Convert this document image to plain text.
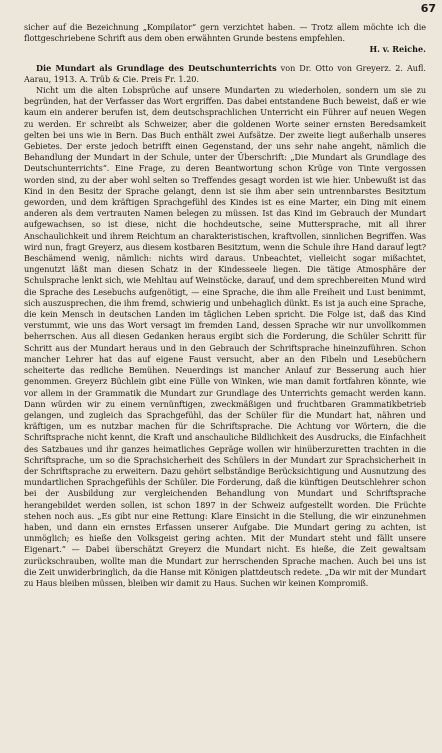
67

sicher auf die Bezeichnung „Kompilator“ gern verzichtet haben. — Trotz allem möchte ich die flottgeschriebene Schrift aus dem oben erwähnten Grunde bestens empfehlen.

H. v. Reiche.

Die Mundart als Grundlage des Deutschunterrichts von Dr. Otto von Greyerz. 2. Aufl. Aarau, 1913. A. Trüb & Cie. Preis Fr. 1.20.

Nicht um die alten Lobsprüche auf unsere Mundarten zu wiederholen, sondern um sie zu begründen, hat der Verfasser das Wort ergriffen. Das dabei entstandene Buch beweist, daß er wie kaum ein anderer berufen ist, dem deutschsprachlichen Unterricht ein Führer auf neuen Wegen zu werden. Er schreibt als Schweizer, aber die goldenen Worte seiner ernsten Beredsamkeit gelten bei uns wie in Bern. Das Buch enthält zwei Aufsätze. Der zweite liegt außerhalb unseres Gebietes. Der erste jedoch betrifft einen Gegenstand, der uns sehr nahe angeht, nämlich die Behandlung der Mundart in der Schule, unter der Überschrift: „Die Mundart als Grundlage des Deutschunterrichts“. Eine Frage, zu deren Beantwortung schon Krüge von Tinte vergossen worden sind, zu der aber wohl selten so Treffendes gesagt worden ist wie hier. Unbewußt ist das Kind in den Besitz der Sprache gelangt, denn ist sie ihm aber sein untrennbarstes Besitztum geworden, und dem kräftigen Sprachgefühl des Kindes ist es eine Marter, ein Ding mit einem anderen als dem vertrauten Namen belegen zu müssen. Ist das Kind im Gebrauch der Mundart aufgewachsen, so ist diese, nicht die hochdeutsche, seine Muttersprache, mit all ihrer Anschaulichkeit und ihrem Reichtum an charakteristischen, kraftvollen, sinnlichen Begriffen. Was wird nun, fragt Greyerz, aus diesem kostbaren Besitztum, wenn die Schule ihre Hand darauf legt? Beschämend wenig, nämlich: nichts wird daraus. Unbeachtet, vielleicht sogar mißachtet, ungenutzt läßt man diesen Schatz in der Kindesseele liegen. Die tätige Atmosphäre der Schulsprache lenkt sich, wie Mehltau auf Weinstöcke, darauf, und dem sprechbereiten Mund wird die Sprache des Lesebuchs aufgenötigt, — eine Sprache, die ihm alle Freiheit und Lust benimmt, sich auszusprechen, die ihm fremd, schwierig und unbehaglich dünkt. Es ist ja auch eine Sprache, die kein Mensch in deutschen Landen im täglichen Leben spricht. Die Folge ist, daß das Kind verstummt, wie uns das Wort versagt im fremden Land, dessen Sprache wir nur unvollkommen beherrschen. Aus all diesen Gedanken heraus ergibt sich die Forderung, die Schüler Schritt für Schritt aus der Mundart heraus und in den Gebrauch der Schriftsprache hineinzuführen. Schon mancher Lehrer hat das auf eigene Faust versucht, aber an den Fibeln und Lesebüchern scheiterte das redliche Bemühen. Neuerdings ist mancher Anlauf zur Besserung auch hier genommen. Greyerz Büchlein gibt eine Fülle von Winken, wie man damit fortfahren könnte, wie vor allem in der Grammatik die Mundart zur Grundlage des Unterrichts gemacht werden kann. Dann würden wir zu einem vernünftigen, zweckmäßigen und fruchtbaren Grammatikbetrieb gelangen, und zugleich das Sprachgefühl, das der Schüler für die Mundart hat, nähren und kräftigen, um es nutzbar machen für die Schriftsprache. Die Achtung vor Wörtern, die die Schriftsprache nicht kennt, die Kraft und anschauliche Bildlichkeit des Ausdrucks, die Einfachheit des Satzbaues und ihr ganzes heimatliches Gepräge wollen wir hinüberzuretten trachten in die Schriftsprache, um so die Sprachsicherheit des Schülers in der Mundart zur Sprachsicherheit in der Schriftsprache zu erweitern. Dazu gehört selbständige Berücksichtigung und Ausnutzung des mundartlichen Sprachgefühls der Schüler. Die Forderung, daß die künftigen Deutschlehrer schon bei der Ausbildung zur vergleichenden Behandlung von Mundart und Schriftsprache herangebildet werden sollen, ist schon 1897 in der Schweiz aufgestellt worden. Die Früchte stehen noch aus. „Es gibt nur eine Rettung: Klare Einsicht in die Stellung, die wir einzunehmen haben, und dann ein ernstes Erfassen unserer Aufgabe. Die Mundart gering zu achten, ist unmöglich; es hieße den Volksgeist gering achten. Mit der Mundart steht und fällt unsere Eigenart.“ — Dabei überschätzt Greyerz die Mundart nicht. Es hieße, die Zeit gewaltsam zurückschrauben, wollte man die Mundart zur herrschenden Sprache machen. Auch bei uns ist die Zeit unwiderbringlich, da die Hanse mit Königen plattdeutsch redete. „Da wir mit der Mundart zu Haus bleiben müssen, bleiben wir damit zu Haus. Suchen wir keinen Kompromiß.
